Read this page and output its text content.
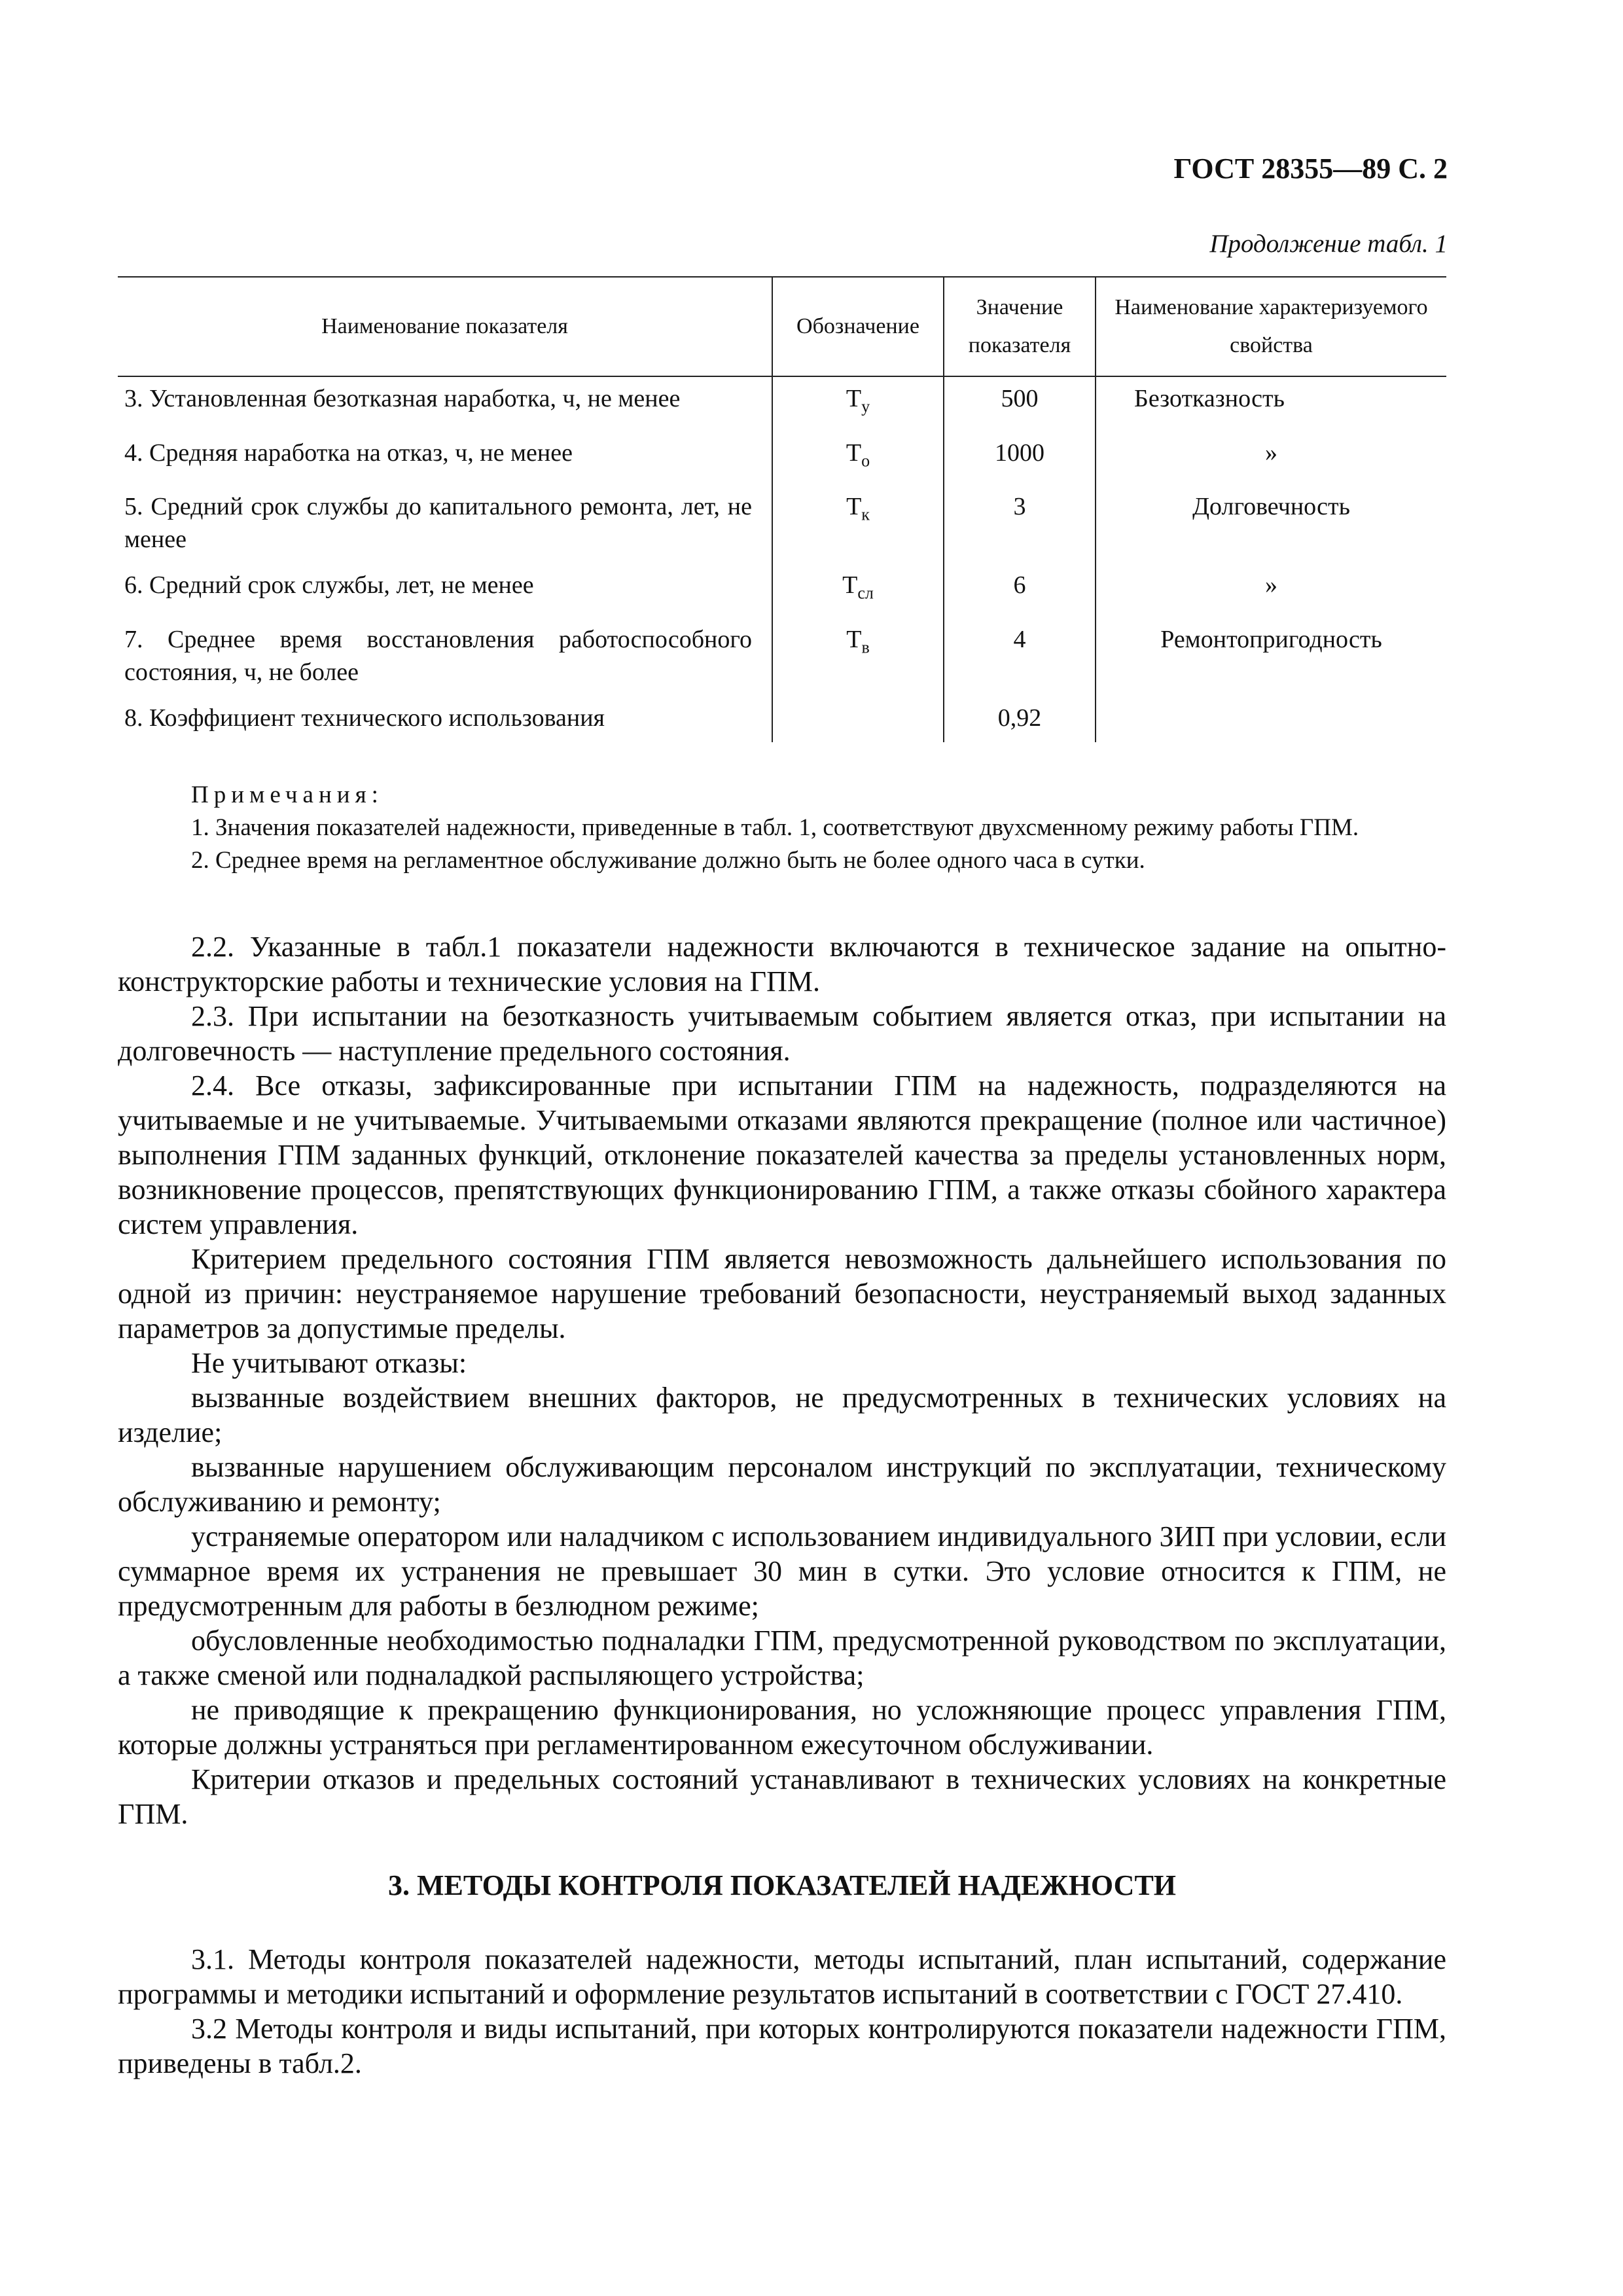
ГОСТ 28355—89 С. 2
Продолжение табл. 1
Наименование показателя	Обозначение	Значение показателя	Наименование характеризуемого свойства
3. Установленная безотказная наработка, ч, не менее	$Т_у$	500	Безотказность
4. Средняя наработка на отказ, ч, не менее	$Т_о$	1000	»
5. Средний срок службы до капитального ремонта, лет, не менее	$Т_к$	3	Долговечность
6. Средний срок службы, лет, не менее	$Т_{сл}$	6	»
7. Среднее время восстановления работоспособного состояния, ч, не более	$Т_в$	4	Ремонтопригодность
8. Коэффициент технического использования		0,92	
Примечания:

1. Значения показателей надежности, приведенные в табл. 1, соответствуют двухсменному режиму работы ГПМ.

2. Среднее время на регламентное обслуживание должно быть не более одного часа в сутки.

2.2. Указанные в табл.1 показатели надежности включаются в техническое задание на опытно-конструкторские работы и технические условия на ГПМ.

2.3. При испытании на безотказность учитываемым событием является отказ, при испытании на долговечность — наступление предельного состояния.

2.4. Все отказы, зафиксированные при испытании ГПМ на надежность, подразделяются на учитываемые и не учитываемые. Учитываемыми отказами являются прекращение (полное или частичное) выполнения ГПМ заданных функций, отклонение показателей качества за пределы установленных норм, возникновение процессов, препятствующих функционированию ГПМ, а также отказы сбойного характера систем управления.

Критерием предельного состояния ГПМ является невозможность дальнейшего использования по одной из причин: неустраняемое нарушение требований безопасности, неустраняемый выход заданных параметров за допустимые пределы.

Не учитывают отказы:

вызванные воздействием внешних факторов, не предусмотренных в технических условиях на изделие;

вызванные нарушением обслуживающим персоналом инструкций по эксплуатации, техническому обслуживанию и ремонту;

устраняемые оператором или наладчиком с использованием индивидуального ЗИП при условии, если суммарное время их устранения не превышает 30 мин в сутки. Это условие относится к ГПМ, не предусмотренным для работы в безлюдном режиме;

обусловленные необходимостью подналадки ГПМ, предусмотренной руководством по эксплуатации, а также сменой или подналадкой распыляющего устройства;

не приводящие к прекращению функционирования, но усложняющие процесс управления ГПМ, которые должны устраняться при регламентированном ежесуточном обслуживании.

Критерии отказов и предельных состояний устанавливают в технических условиях на конкретные ГПМ.

3. МЕТОДЫ КОНТРОЛЯ ПОКАЗАТЕЛЕЙ НАДЕЖНОСТИ

3.1. Методы контроля показателей надежности, методы испытаний, план испытаний, содержание программы и методики испытаний и оформление результатов испытаний в соответствии с ГОСТ 27.410.

3.2 Методы контроля и виды испытаний, при которых контролируются показатели надежности ГПМ, приведены в табл.2.
